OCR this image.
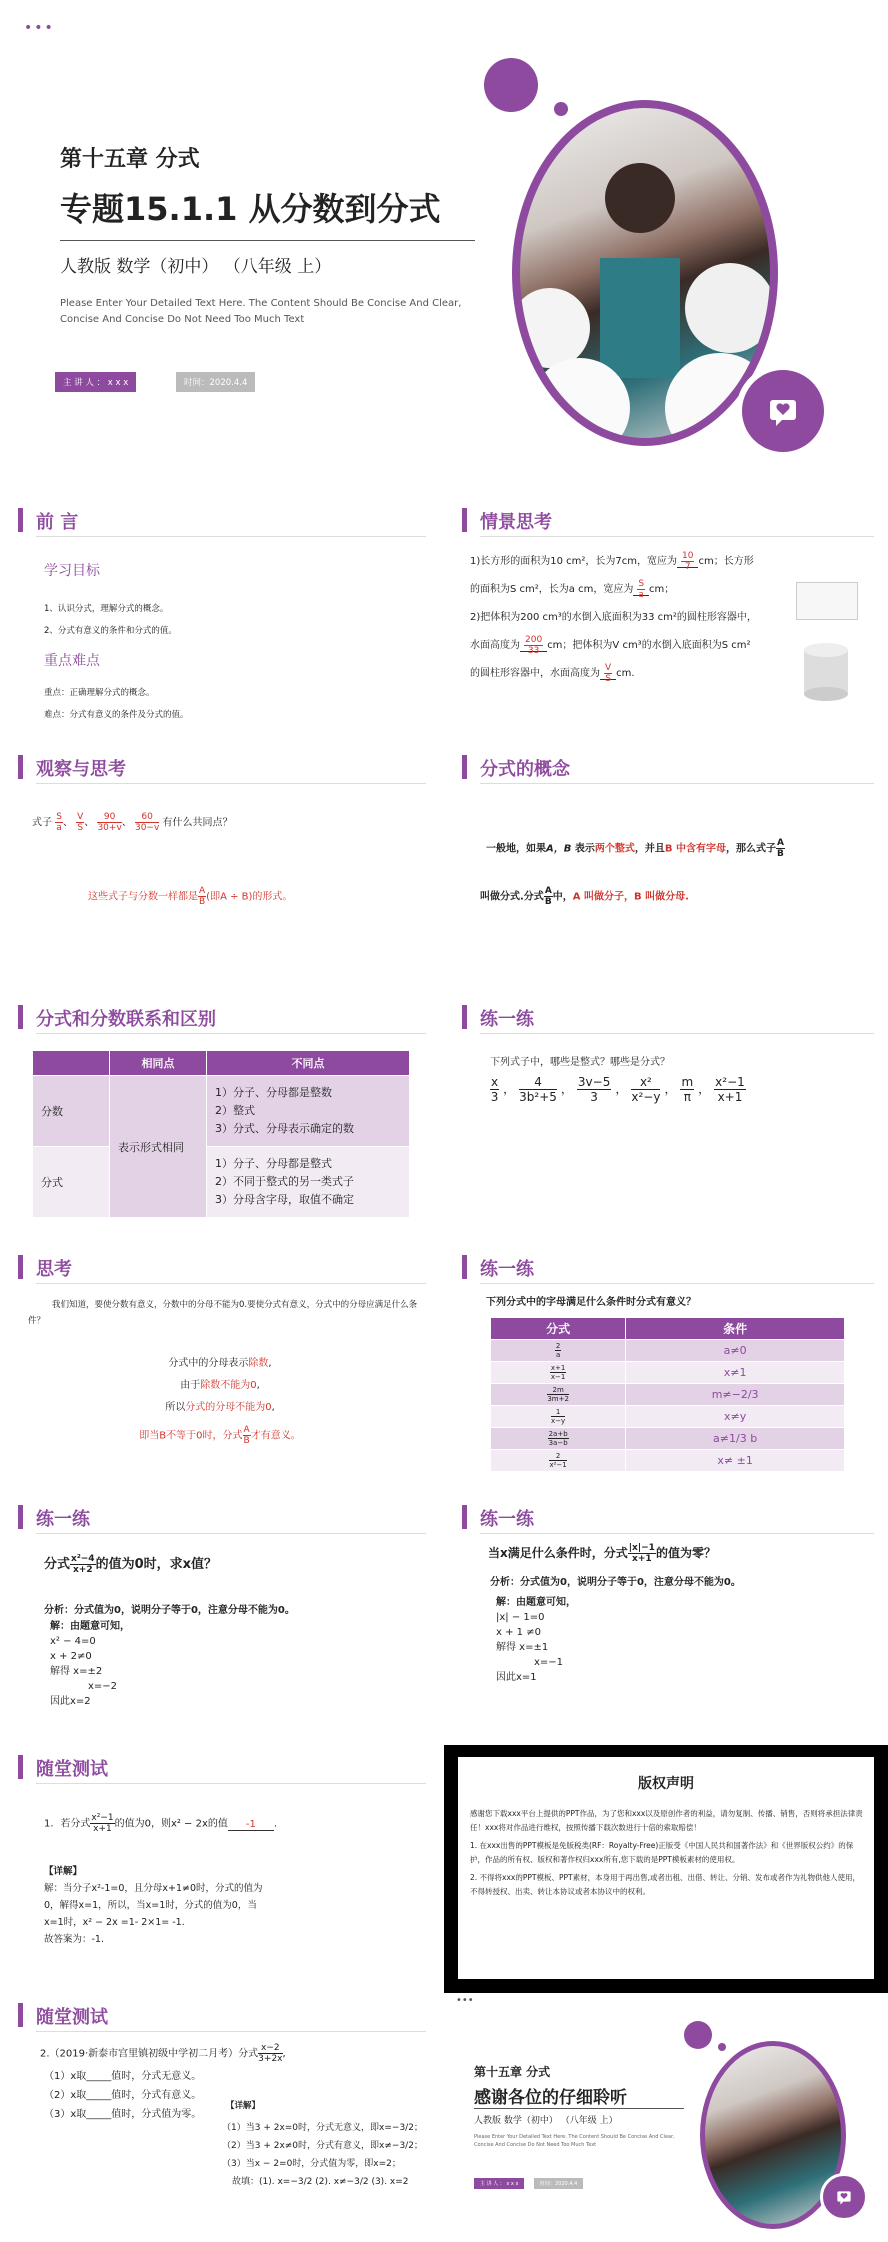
•••
第十五章 分式
专题15.1.1 从分数到分式
人教版 数学（初中） （八年级 上）
Please Enter Your Detailed Text Here. The Content Should Be Concise And Clear, Concise And Concise Do Not Need Too Much Text
主 讲 人 ： x x x	时间：2020.4.4
前 言
学习目标
1、认识分式，理解分式的概念。
2、分式有意义的条件和分式的值。
重点难点
重点：正确理解分式的概念。
难点：分式有意义的条件及分式的值。
情景思考
1)长方形的面积为10 cm²，长为7cm，宽应为 $\frac{10}{7}$ cm；长方形
的面积为S cm²，长为a cm，宽应为 $\frac{S}{a}$ cm；
2)把体积为200 cm³的水倒入底面积为33 cm²的圆柱形容器中，
水面高度为 $\frac{200}{33}$ cm；把体积为V cm³的水倒入底面积为S cm²
的圆柱形容器中，水面高度为 $\frac{V}{S}$ cm.
观察与思考
式子 $\frac{S}{a}$ 、 $\frac{V}{S}$ 、 $\frac{90}{30+v}$ 、 $\frac{60}{30-v}$ 有什么共同点？
这些式子与分数一样都是 $\frac{A}{B}$ (即A ÷ B)的形式。
分式的概念
一般地，如果A，B 表示两个整式，并且B 中含有字母，那么式子 $\frac{A}{B}$
叫做分式.分式 $\frac{A}{B}$ 中，A 叫做分子，B 叫做分母.
分式和分数联系和区别
	相同点	不同点
分数	表示形式相同	1）分子、分母都是整数
2）整式
3）分式、分母表示确定的数

分式		1）分子、分母都是整式
2）不同于整式的另一类式子
3）分母含字母，取值不确定
练一练
下列式子中，哪些是整式？哪些是分式？
$\frac{x}{3}$ ， $\frac{4}{\text{3b²+5}}$ ， $\frac{3v-5}{3}$ ， $\frac{\text{x²}}{\text{x²−y}}$ ， $\frac{m}{\pi}$ ， $\frac{\text{x²−1}}{x+1}$
思考
我们知道，要使分数有意义，分数中的分母不能为0.要使分式有意义，分式中的分母应满足什么条件？
分式中的分母表示除数,
由于除数不能为0,
所以分式的分母不能为0,
即当B不等于0时，分式 $\frac{A}{B}$ 才有意义。
练一练
下列分式中的字母满足什么条件时分式有意义？
分式	条件

$\frac{2}{a}$	a≠0

$\frac{x+1}{x-1}$	x≠1

$\frac{2m}{3m+2}$	m≠−2/3

$\frac{1}{x-y}$	x≠y

$\frac{2a+b}{3a-b}$	a≠1/3 b

$\frac{2}{\text{x²−1}}$	x≠ ±1
练一练
分式 $\frac{\text{x²−4}}{x+2}$ 的值为0时，求x值？
分析：分式值为0，说明分子等于0，注意分母不能为0。
解：由题意可知，
x² − 4=0
x + 2≠0
解得 x=±2
x=−2
因此x=2
练一练
当x满足什么条件时，分式 $\frac{|x|-1}{x+1}$ 的值为零？
分析：分式值为0，说明分子等于0，注意分母不能为0。
解：由题意可知，
|x| − 1=0
x + 1 ≠0
解得 x=±1
x=−1
因此x=1
随堂测试
1．若分式 $\frac{\text{x²−1}}{x+1}$ 的值为0，则x² − 2x的值 -1 .
【详解】
解：当分子x²-1=0，且分母x+1≠0时，分式的值为
0，解得x=1，所以，当x=1时，分式的值为0，当
x=1时，x² − 2x =1- 2×1= -1.
故答案为：-1.
版权声明
感谢您下载xxx平台上提供的PPT作品，为了您和xxx以及原创作者的利益，请勿复制、传播、销售，否则将承担法律责任！xxx将对作品进行维权，按照传播下载次数进行十倍的索取赔偿！
1. 在xxx出售的PPT模板是免版税类(RF：Royalty-Free)正版受《中国人民共和国著作法》和《世界版权公约》的保护，作品的所有权、版权和著作权归xxx所有,您下载的是PPT模板素材的使用权。
2. 不得将xxx的PPT模板、PPT素材，本身用于再出售,或者出租、出借、转让、分销、发布或者作为礼物供他人使用，不得转授权、出卖、转让本协议或者本协议中的权利。
随堂测试
2.（2019·新泰市宫里镇初级中学初二月考）分式 $\frac{x-2}{3+2x}$ ,
（1）x取_____值时，分式无意义。
（2）x取_____值时，分式有意义。
（3）x取_____值时，分式值为零。
【详解】
（1）当3 + 2x=0时，分式无意义，即x=−3/2；
（2）当3 + 2x≠0时，分式有意义，即x≠−3/2；
（3）当x − 2=0时，分式值为零，即x=2；
故填：(1). x=−3/2 (2). x≠−3/2 (3). x=2
•••
第十五章 分式
感谢各位的仔细聆听
人教版 数学（初中） （八年级 上）
Please Enter Your Detailed Text Here. The Content Should Be Concise And Clear, Concise And Concise Do Not Need Too Much Text
主 讲 人 ： x x x	时间：2020.4.4
